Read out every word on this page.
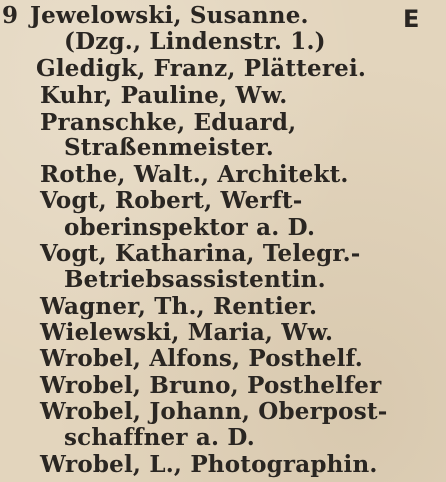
9	E
Jewelowski, Susanne.
(Dzg., Lindenstr. 1.)
Gledigk, Franz, Plätterei.
Kuhr, Pauline, Ww.
Pranschke, Eduard,
Straßenmeister.
Rothe, Walt., Architekt.
Vogt, Robert, Werft-
oberinspektor a. D.
Vogt, Katharina, Telegr.-
Betriebsassistentin.
Wagner, Th., Rentier.
Wielewski, Maria, Ww.
Wrobel, Alfons, Posthelf.
Wrobel, Bruno, Posthelfer
Wrobel, Johann, Oberpost-
schaffner a. D.
Wrobel, L., Photographin.
